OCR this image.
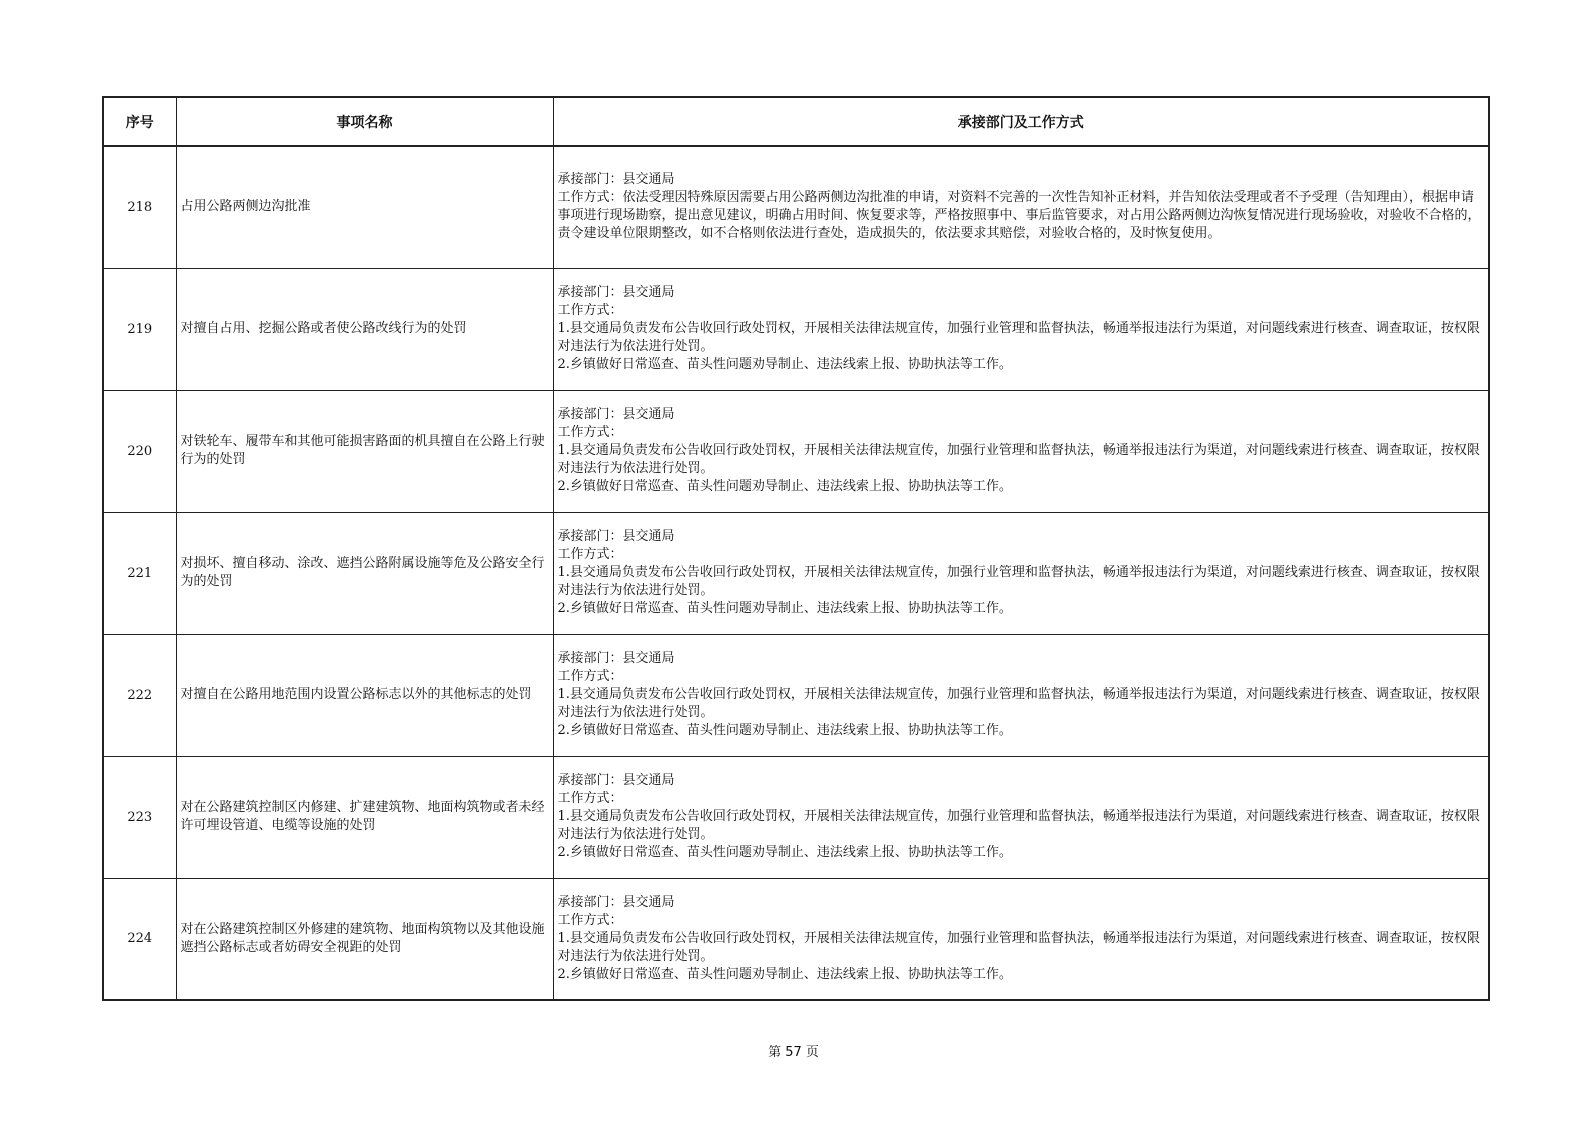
序号	事项名称	承接部门及工作方式
218	占用公路两侧边沟批准	承接部门：县交通局
工作方式：依法受理因特殊原因需要占用公路两侧边沟批准的申请，对资料不完善的一次性告知补正材料，并告知依法受理或者不予受理（告知理由），根据申请事项进行现场勘察，提出意见建议，明确占用时间、恢复要求等，严格按照事中、事后监管要求，对占用公路两侧边沟恢复情况进行现场验收，对验收不合格的，责令建设单位限期整改，如不合格则依法进行查处，造成损失的，依法要求其赔偿，对验收合格的，及时恢复使用。

219	对擅自占用、挖掘公路或者使公路改线行为的处罚	承接部门：县交通局
工作方式：
1.县交通局负责发布公告收回行政处罚权，开展相关法律法规宣传，加强行业管理和监督执法，畅通举报违法行为渠道，对问题线索进行核查、调查取证，按权限对违法行为依法进行处罚。
2.乡镇做好日常巡查、苗头性问题劝导制止、违法线索上报、协助执法等工作。

220	对铁轮车、履带车和其他可能损害路面的机具擅自在公路上行驶行为的处罚	承接部门：县交通局
工作方式：
1.县交通局负责发布公告收回行政处罚权，开展相关法律法规宣传，加强行业管理和监督执法，畅通举报违法行为渠道，对问题线索进行核查、调查取证，按权限对违法行为依法进行处罚。
2.乡镇做好日常巡查、苗头性问题劝导制止、违法线索上报、协助执法等工作。

221	对损坏、擅自移动、涂改、遮挡公路附属设施等危及公路安全行为的处罚	承接部门：县交通局
工作方式：
1.县交通局负责发布公告收回行政处罚权，开展相关法律法规宣传，加强行业管理和监督执法，畅通举报违法行为渠道，对问题线索进行核查、调查取证，按权限对违法行为依法进行处罚。
2.乡镇做好日常巡查、苗头性问题劝导制止、违法线索上报、协助执法等工作。

222	对擅自在公路用地范围内设置公路标志以外的其他标志的处罚	承接部门：县交通局
工作方式：
1.县交通局负责发布公告收回行政处罚权，开展相关法律法规宣传，加强行业管理和监督执法，畅通举报违法行为渠道，对问题线索进行核查、调查取证，按权限对违法行为依法进行处罚。
2.乡镇做好日常巡查、苗头性问题劝导制止、违法线索上报、协助执法等工作。

223	对在公路建筑控制区内修建、扩建建筑物、地面构筑物或者未经许可埋设管道、电缆等设施的处罚	承接部门：县交通局
工作方式：
1.县交通局负责发布公告收回行政处罚权，开展相关法律法规宣传，加强行业管理和监督执法，畅通举报违法行为渠道，对问题线索进行核查、调查取证，按权限对违法行为依法进行处罚。
2.乡镇做好日常巡查、苗头性问题劝导制止、违法线索上报、协助执法等工作。

224	对在公路建筑控制区外修建的建筑物、地面构筑物以及其他设施遮挡公路标志或者妨碍安全视距的处罚	承接部门：县交通局
工作方式：
1.县交通局负责发布公告收回行政处罚权，开展相关法律法规宣传，加强行业管理和监督执法，畅通举报违法行为渠道，对问题线索进行核查、调查取证，按权限对违法行为依法进行处罚。
2.乡镇做好日常巡查、苗头性问题劝导制止、违法线索上报、协助执法等工作。
第 57 页
